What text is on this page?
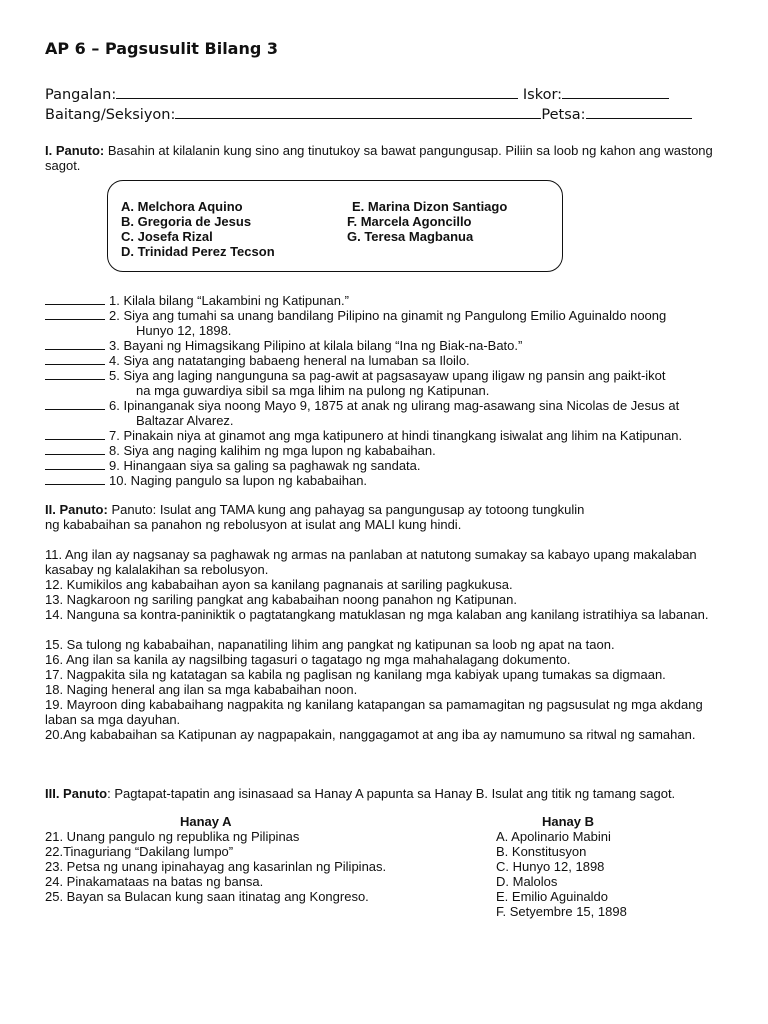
AP 6 – Pagsusulit Bilang 3
Pangalan:	Iskor:
Baitang/Seksiyon:	Petsa:
I. Panuto: Basahin at kilalanin kung sino ang tinutukoy sa bawat pangungusap. Piliin sa loob ng kahon ang wastong sagot.
A. Melchora Aquino
B. Gregoria de Jesus
C. Josefa Rizal
D. Trinidad Perez Tecson
E. Marina Dizon Santiago
F. Marcela Agoncillo
G. Teresa Magbanua
1. Kilala bilang “Lakambini ng Katipunan.”
2. Siya ang tumahi sa unang bandilang Pilipino na ginamit ng Pangulong Emilio Aguinaldo noong
Hunyo 12, 1898.
3. Bayani ng Himagsikang Pilipino at kilala bilang “Ina ng Biak-na-Bato.”
4. Siya ang natatanging babaeng heneral na lumaban sa Iloilo.
5. Siya ang laging nangunguna sa pag-awit at pagsasayaw upang iligaw ng pansin ang paikt-ikot
na mga guwardiya sibil sa mga lihim na pulong ng Katipunan.
6. Ipinanganak siya noong Mayo 9, 1875 at anak ng ulirang mag-asawang sina Nicolas de Jesus at
Baltazar Alvarez.
7. Pinakain niya at ginamot ang mga katipunero at hindi tinangkang isiwalat ang lihim na Katipunan.
8. Siya ang naging kalihim ng mga lupon ng kababaihan.
9. Hinangaan siya sa galing sa paghawak ng sandata.
10. Naging pangulo sa lupon ng kababaihan.
II. Panuto: Panuto: Isulat ang TAMA kung ang pahayag sa pangungusap ay totoong tungkulin
ng kababaihan sa panahon ng rebolusyon at isulat ang MALI kung hindi.
11. Ang ilan ay nagsanay sa paghawak ng armas na panlaban at natutong sumakay sa kabayo upang makalaban kasabay ng kalalakihan sa rebolusyon.
12. Kumikilos ang kababaihan ayon sa kanilang pagnanais at sariling pagkukusa.
13. Nagkaroon ng sariling pangkat ang kababaihan noong panahon ng Katipunan.
14. Nanguna sa kontra-paniniktik o pagtatangkang matuklasan ng mga kalaban ang kanilang istratihiya sa labanan.
15. Sa tulong ng kababaihan, napanatiling lihim ang pangkat ng katipunan sa loob ng apat na taon.
16. Ang ilan sa kanila ay nagsilbing tagasuri o tagatago ng mga mahahalagang dokumento.
17. Nagpakita sila ng katatagan sa kabila ng paglisan ng kanilang mga kabiyak upang tumakas sa digmaan.
18. Naging heneral ang ilan sa mga kababaihan noon.
19. Mayroon ding kababaihang nagpakita ng kanilang katapangan sa pamamagitan ng pagsusulat ng mga akdang laban sa mga dayuhan.
20.Ang kababaihan sa Katipunan ay nagpapakain, nanggagamot at ang iba ay namumuno sa ritwal ng samahan.
III. Panuto: Pagtapat-tapatin ang isinasaad sa Hanay A papunta sa Hanay B. Isulat ang titik ng tamang sagot.
Hanay A	Hanay B
21. Unang pangulo ng republika ng Pilipinas
22.Tinaguriang “Dakilang lumpo”
23. Petsa ng unang ipinahayag ang kasarinlan ng Pilipinas.
24. Pinakamataas na batas ng bansa.
25. Bayan sa Bulacan kung saan itinatag ang Kongreso.
A. Apolinario Mabini
B. Konstitusyon
C. Hunyo 12, 1898
D. Malolos
E. Emilio Aguinaldo
F. Setyembre 15, 1898
